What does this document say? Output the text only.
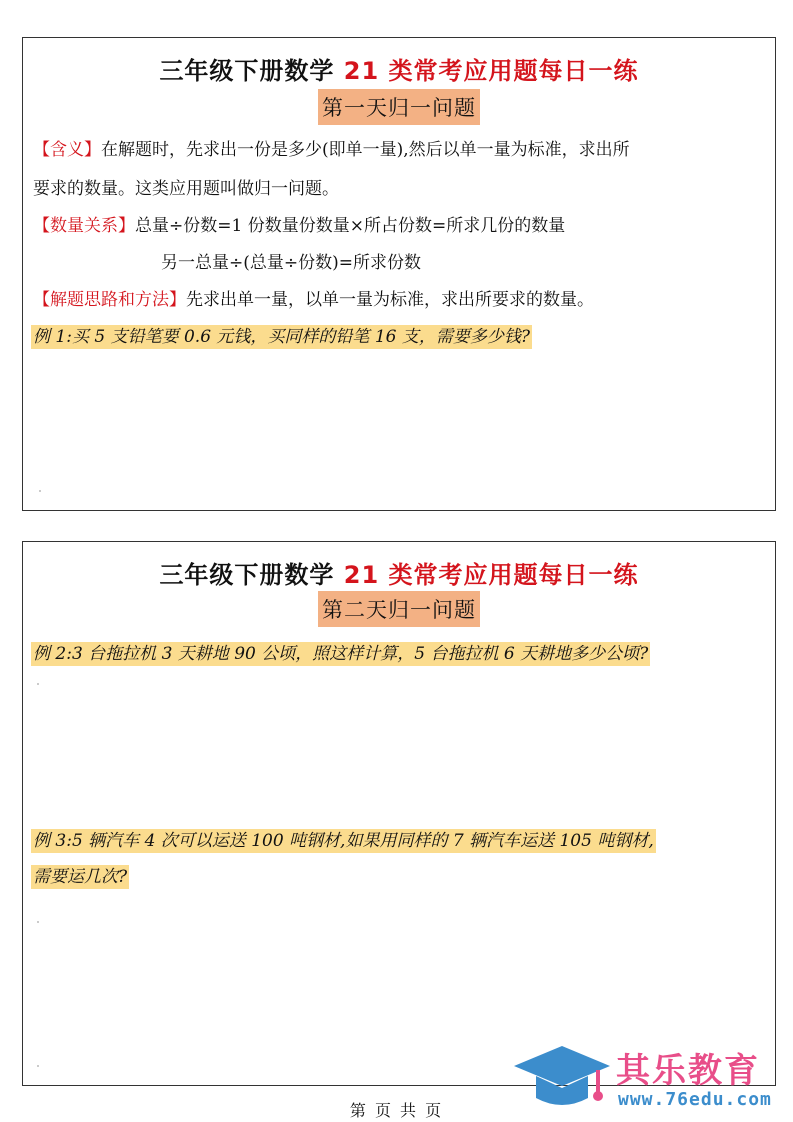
三年级下册数学 21 类常考应用题每日一练
第一天归一问题
【含义】在解题时，先求出一份是多少(即单一量),然后以单一量为标准，求出所
要求的数量。这类应用题叫做归一问题。
【数量关系】总量÷份数=1 份数量份数量×所占份数=所求几份的数量
另一总量÷(总量÷份数)=所求份数
【解题思路和方法】先求出单一量，以单一量为标准，求出所要求的数量。
例 1:买 5 支铅笔要 0.6 元钱，买同样的铅笔 16 支，需要多少钱?
三年级下册数学 21 类常考应用题每日一练
第二天归一问题
例 2:3 台拖拉机 3 天耕地 90 公顷，照这样计算，5 台拖拉机 6 天耕地多少公顷?
例 3:5 辆汽车 4 次可以运送 100 吨钢材,如果用同样的 7 辆汽车运送 105 吨钢材,
需要运几次?
第 页 共 页
其乐教育
www.76edu.com
